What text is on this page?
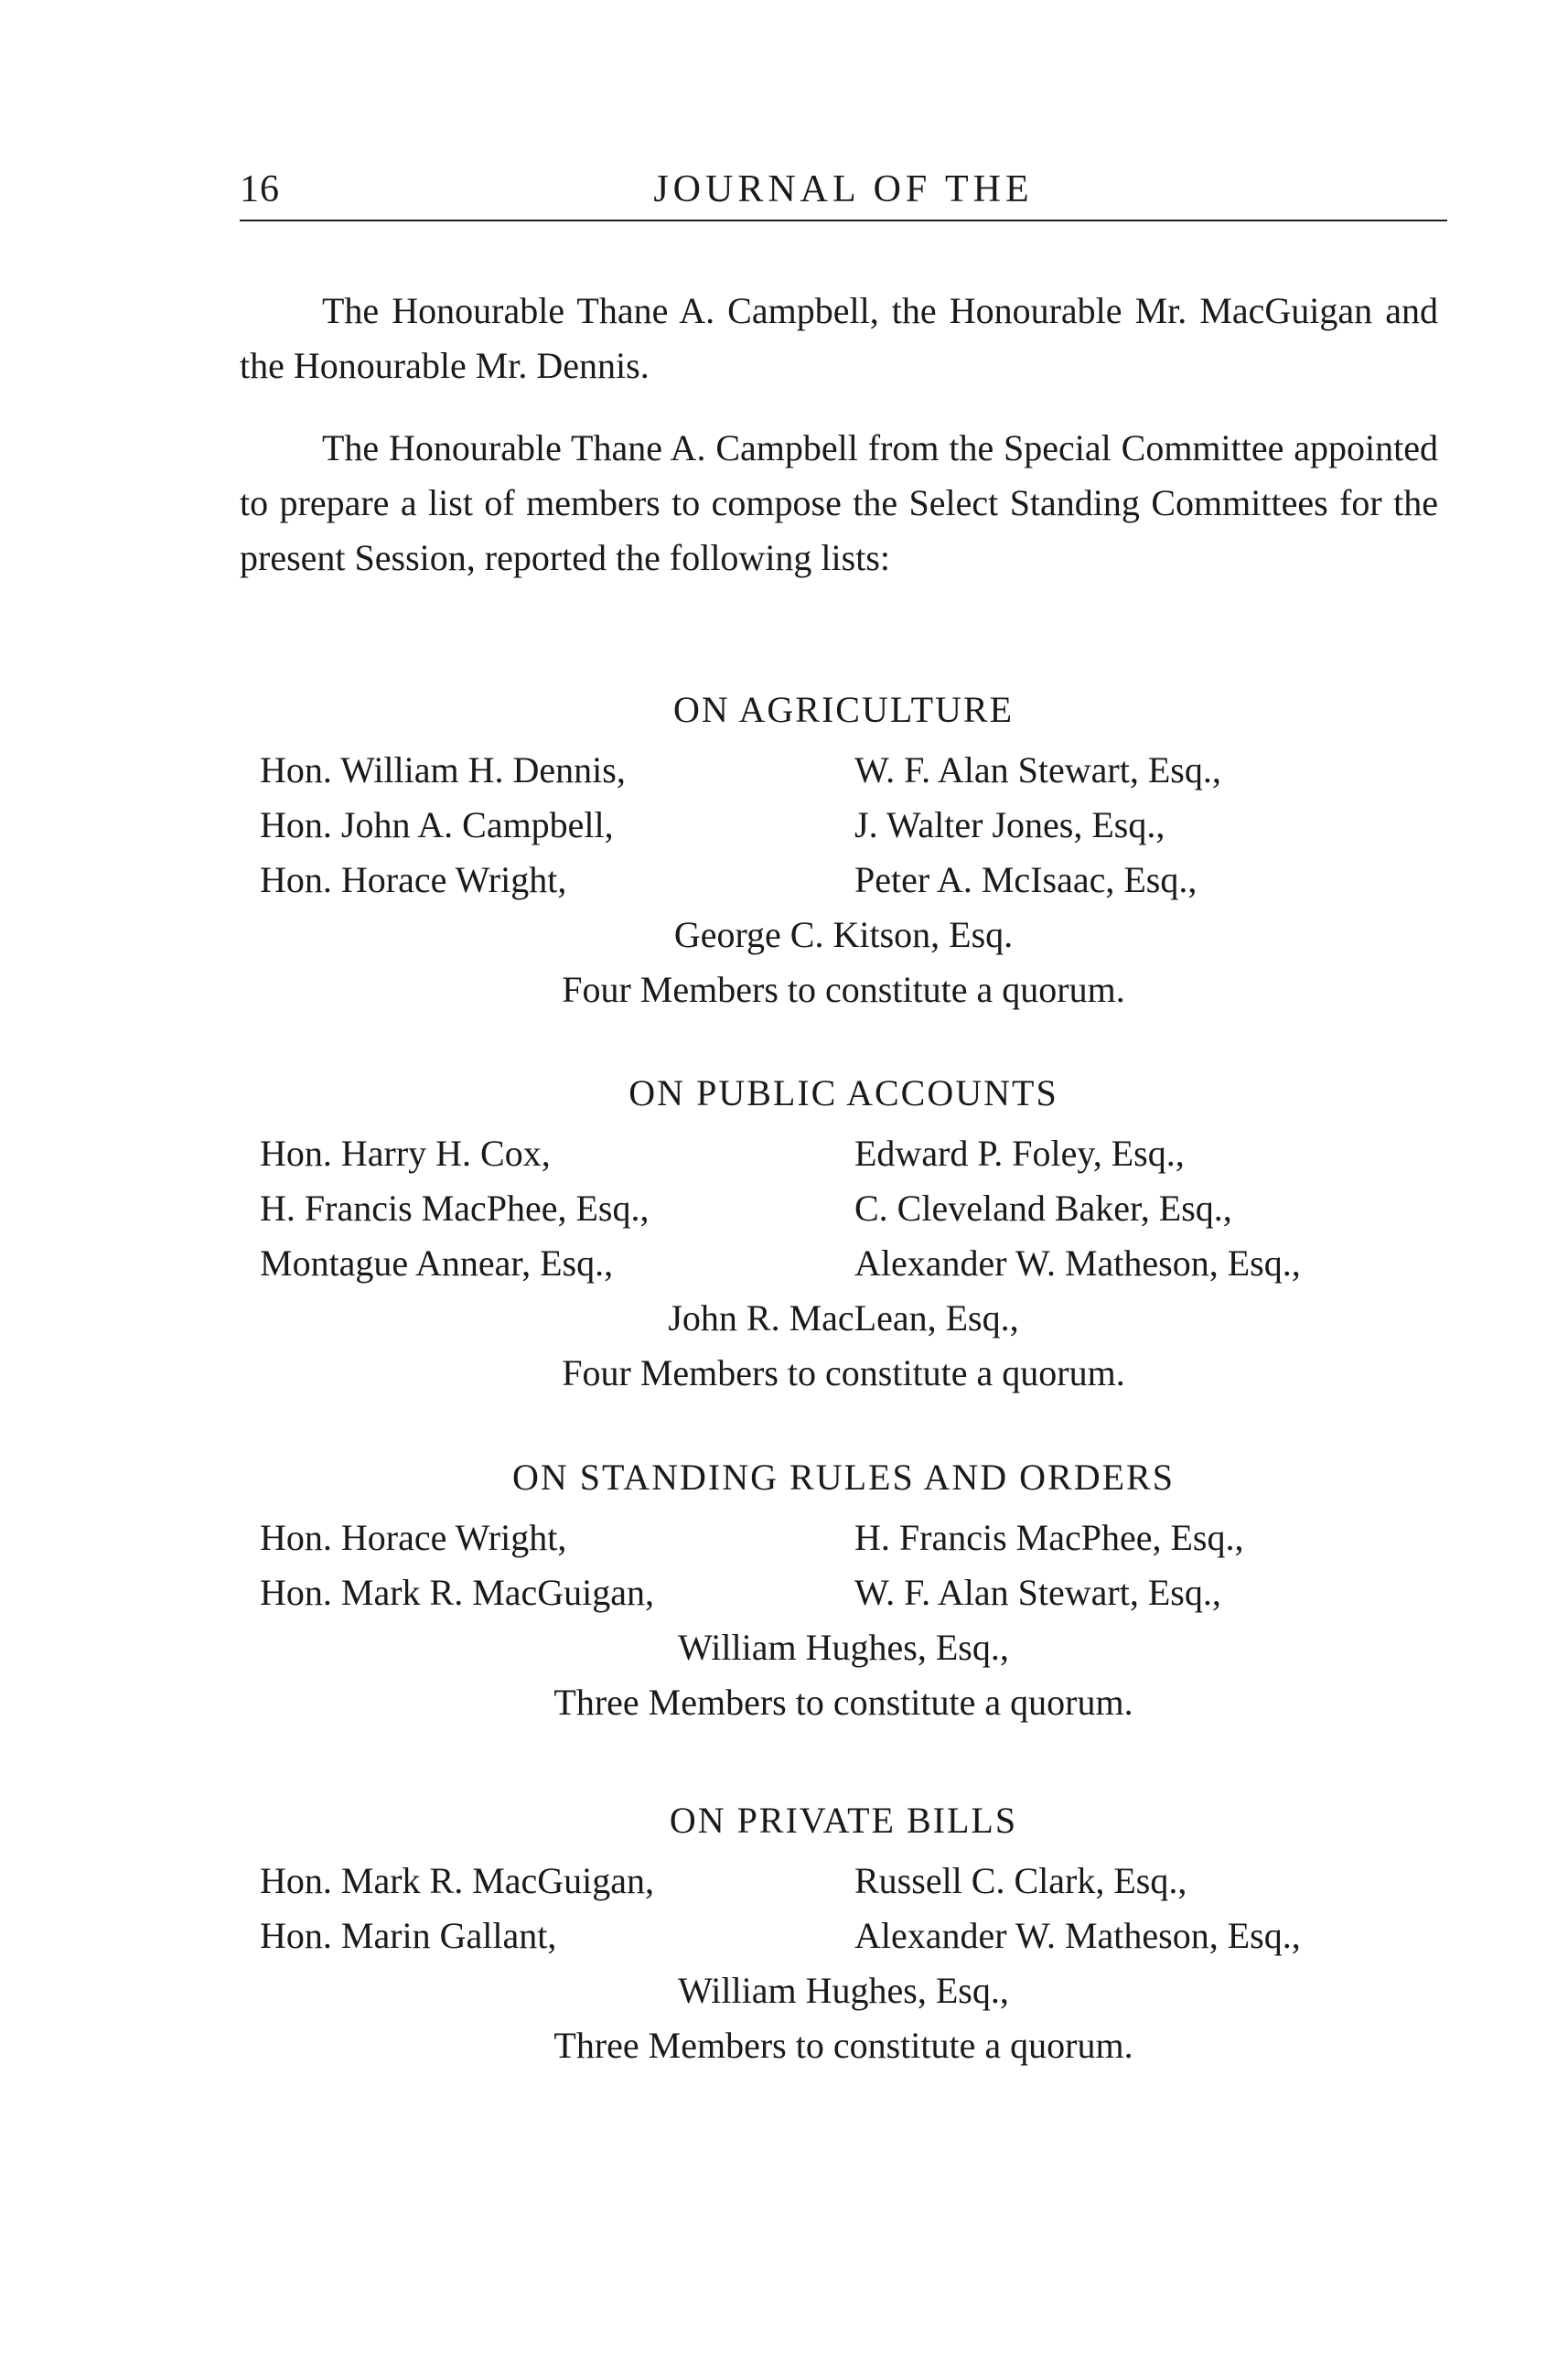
16	JOURNAL OF THE

The Honourable Thane A. Campbell, the Honourable Mr. MacGuigan and the Honourable Mr. Dennis.

The Honourable Thane A. Campbell from the Special Committee appointed to prepare a list of members to compose the Select Standing Committees for the present Session, reported the following lists:

ON AGRICULTURE
Hon. William H. Dennis,	W. F. Alan Stewart, Esq.,
Hon. John A. Campbell,	J. Walter Jones, Esq.,
Hon. Horace Wright,	Peter A. McIsaac, Esq.,
George C. Kitson, Esq.
Four Members to constitute a quorum.
ON PUBLIC ACCOUNTS
Hon. Harry H. Cox,	Edward P. Foley, Esq.,
H. Francis MacPhee, Esq.,	C. Cleveland Baker, Esq.,
Montague Annear, Esq.,	Alexander W. Matheson, Esq.,
John R. MacLean, Esq.,
Four Members to constitute a quorum.
ON STANDING RULES AND ORDERS
Hon. Horace Wright,	H. Francis MacPhee, Esq.,
Hon. Mark R. MacGuigan,	W. F. Alan Stewart, Esq.,
William Hughes, Esq.,
Three Members to constitute a quorum.
ON PRIVATE BILLS
Hon. Mark R. MacGuigan,	Russell C. Clark, Esq.,
Hon. Marin Gallant,	Alexander W. Matheson, Esq.,
William Hughes, Esq.,
Three Members to constitute a quorum.
